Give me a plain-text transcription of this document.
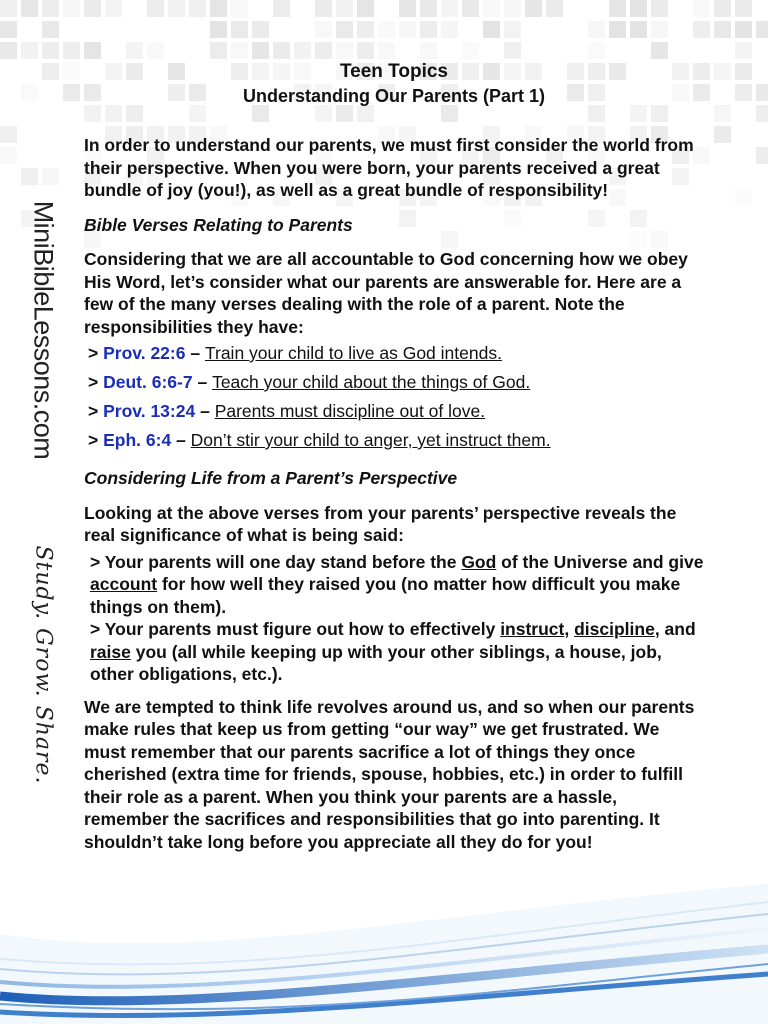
MiniBibleLessons.com
Study. Grow. Share.

Teen Topics

Understanding Our Parents (Part 1)

In order to understand our parents, we must first consider the world from their perspective. When you were born, your parents received a great bundle of joy (you!), as well as a great bundle of responsibility!

Bible Verses Relating to Parents

Considering that we are all accountable to God concerning how we obey His Word, let’s consider what our parents are answerable for. Here are a few of the many verses dealing with the role of a parent. Note the responsibilities they have:

> Prov. 22:6 – Train your child to live as God intends.
> Deut. 6:6-7 – Teach your child about the things of God.
> Prov. 13:24 – Parents must discipline out of love.
> Eph. 6:4 – Don’t stir your child to anger, yet instruct them.

Considering Life from a Parent’s Perspective

Looking at the above verses from your parents’ perspective reveals the real significance of what is being said:

> Your parents will one day stand before the God of the Universe and give account for how well they raised you (no matter how difficult you make things on them).

> Your parents must figure out how to effectively instruct, discipline, and raise you (all while keeping up with your other siblings, a house, job, other obligations, etc.).

We are tempted to think life revolves around us, and so when our parents make rules that keep us from getting “our way” we get frustrated. We must remember that our parents sacrifice a lot of things they once cherished (extra time for friends, spouse, hobbies, etc.) in order to fulfill their role as a parent. When you think your parents are a hassle, remember the sacrifices and responsibilities that go into parenting. It shouldn’t take long before you appreciate all they do for you!
